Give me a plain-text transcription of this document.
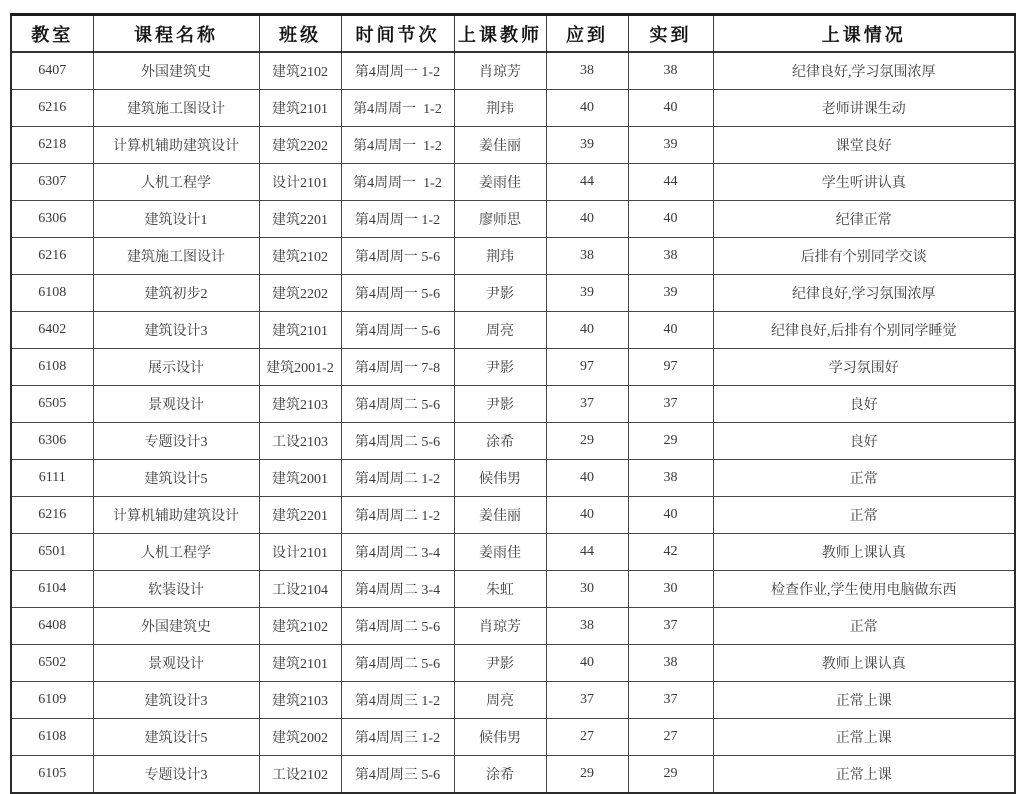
教室	课程名称	班级	时间节次	上课教师	应到	实到	上课情况
6407	外国建筑史	建筑2102	第4周周一 1-2	肖琼芳	38	38	纪律良好,学习氛围浓厚
6216	建筑施工图设计	建筑2101	第4周周一  1-2	荆玮	40	40	老师讲课生动
6218	计算机辅助建筑设计	建筑2202	第4周周一  1-2	姜佳丽	39	39	课堂良好
6307	人机工程学	设计2101	第4周周一  1-2	姜雨佳	44	44	学生听讲认真
6306	建筑设计1	建筑2201	第4周周一 1-2	廖师思	40	40	纪律正常
6216	建筑施工图设计	建筑2102	第4周周一 5-6	荆玮	38	38	后排有个别同学交谈
6108	建筑初步2	建筑2202	第4周周一 5-6	尹影	39	39	纪律良好,学习氛围浓厚
6402	建筑设计3	建筑2101	第4周周一 5-6	周亮	40	40	纪律良好,后排有个别同学睡觉
6108	展示设计	建筑2001-2	第4周周一 7-8	尹影	97	97	学习氛围好
6505	景观设计	建筑2103	第4周周二 5-6	尹影	37	37	良好
6306	专题设计3	工设2103	第4周周二 5-6	涂希	29	29	良好
6111	建筑设计5	建筑2001	第4周周二 1-2	候伟男	40	38	正常
6216	计算机辅助建筑设计	建筑2201	第4周周二 1-2	姜佳丽	40	40	正常
6501	人机工程学	设计2101	第4周周二 3-4	姜雨佳	44	42	教师上课认真
6104	软装设计	工设2104	第4周周二 3-4	朱虹	30	30	检查作业,学生使用电脑做东西
6408	外国建筑史	建筑2102	第4周周二 5-6	肖琼芳	38	37	正常
6502	景观设计	建筑2101	第4周周二 5-6	尹影	40	38	教师上课认真
6109	建筑设计3	建筑2103	第4周周三 1-2	周亮	37	37	正常上课
6108	建筑设计5	建筑2002	第4周周三 1-2	候伟男	27	27	正常上课
6105	专题设计3	工设2102	第4周周三 5-6	涂希	29	29	正常上课
